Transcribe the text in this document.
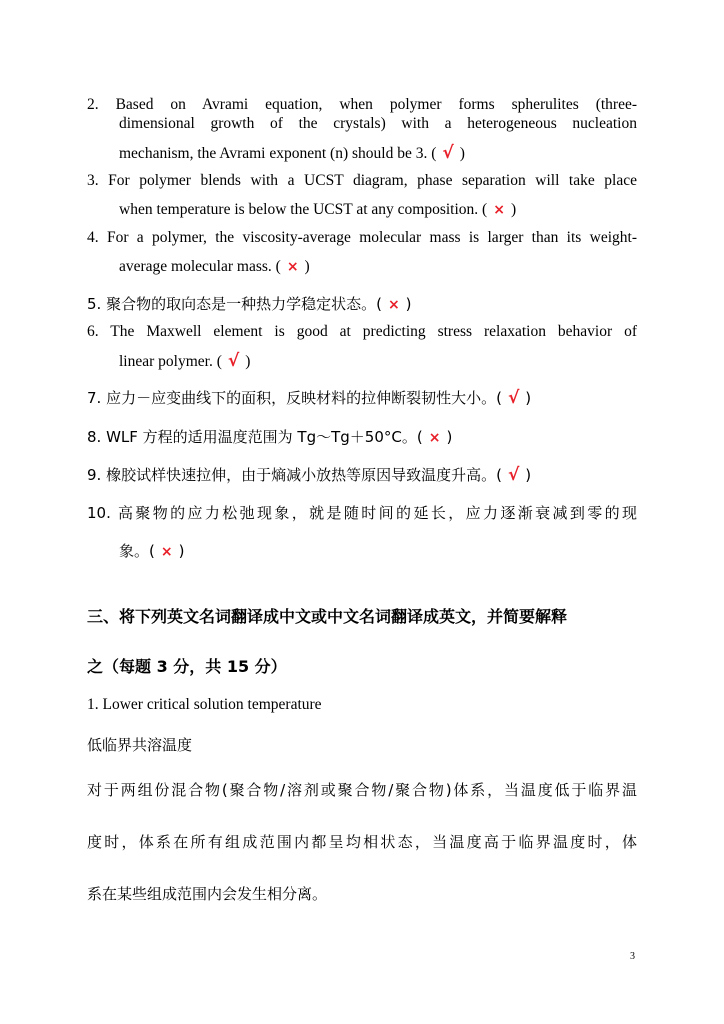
2. Based on Avrami equation, when polymer forms spherulites (three-
dimensional growth of the crystals) with a heterogeneous nucleation
mechanism, the Avrami exponent (n) should be 3. ( √ )
3. For polymer blends with a UCST diagram, phase separation will take place
when temperature is below the UCST at any composition. ( × )
4. For a polymer, the viscosity-average molecular mass is larger than its weight-
average molecular mass. ( × )
5. 聚合物的取向态是一种热力学稳定状态。( × )
6. The Maxwell element is good at predicting stress relaxation behavior of
linear polymer. ( √ )
7. 应力－应变曲线下的面积，反映材料的拉伸断裂韧性大小。( √ )
8. WLF 方程的适用温度范围为 Tg～Tg＋50°C。( × )
9. 橡胶试样快速拉伸，由于熵减小放热等原因导致温度升高。( √ )
10. 高聚物的应力松弛现象，就是随时间的延长，应力逐渐衰减到零的现
象。( × )
三、将下列英文名词翻译成中文或中文名词翻译成英文，并简要解释
之（每题 3 分，共 15 分）
1. Lower critical solution temperature
低临界共溶温度
对于两组份混合物(聚合物/溶剂或聚合物/聚合物)体系，当温度低于临界温
度时，体系在所有组成范围内都呈均相状态，当温度高于临界温度时，体
系在某些组成范围内会发生相分离。
3
